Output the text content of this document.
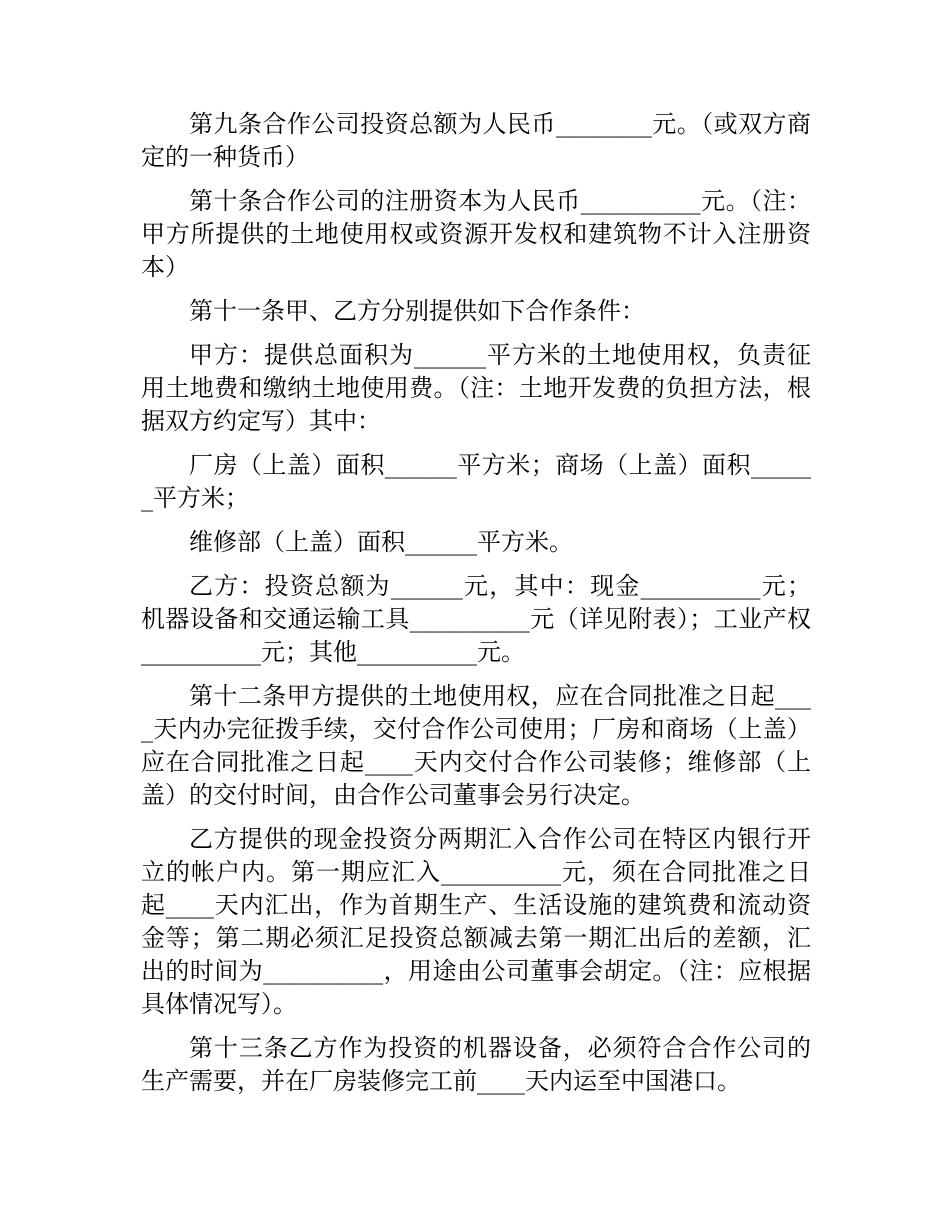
第九条合作公司投资总额为人民币________元。（或双方商定的一种货币）

第十条合作公司的注册资本为人民币__________元。（注：甲方所提供的土地使用权或资源开发权和建筑物不计入注册资本）

第十一条甲、乙方分别提供如下合作条件：

甲方：提供总面积为______平方米的土地使用权，负责征用土地费和缴纳土地使用费。（注：土地开发费的负担方法，根据双方约定写）其中：

厂房（上盖）面积______平方米；商场（上盖）面积______平方米；

维修部（上盖）面积______平方米。

乙方：投资总额为______元，其中：现金__________元；机器设备和交通运输工具__________元（详见附表）；工业产权__________元；其他__________元。

第十二条甲方提供的土地使用权，应在合同批准之日起____天内办完征拨手续，交付合作公司使用；厂房和商场（上盖）应在合同批准之日起____天内交付合作公司装修；维修部（上盖）的交付时间，由合作公司董事会另行决定。

乙方提供的现金投资分两期汇入合作公司在特区内银行开立的帐户内。第一期应汇入__________元，须在合同批准之日起____天内汇出，作为首期生产、生活设施的建筑费和流动资金等；第二期必须汇足投资总额减去第一期汇出后的差额，汇出的时间为__________，用途由公司董事会胡定。（注：应根据具体情况写）。

第十三条乙方作为投资的机器设备，必须符合合作公司的生产需要，并在厂房装修完工前____天内运至中国港口。
